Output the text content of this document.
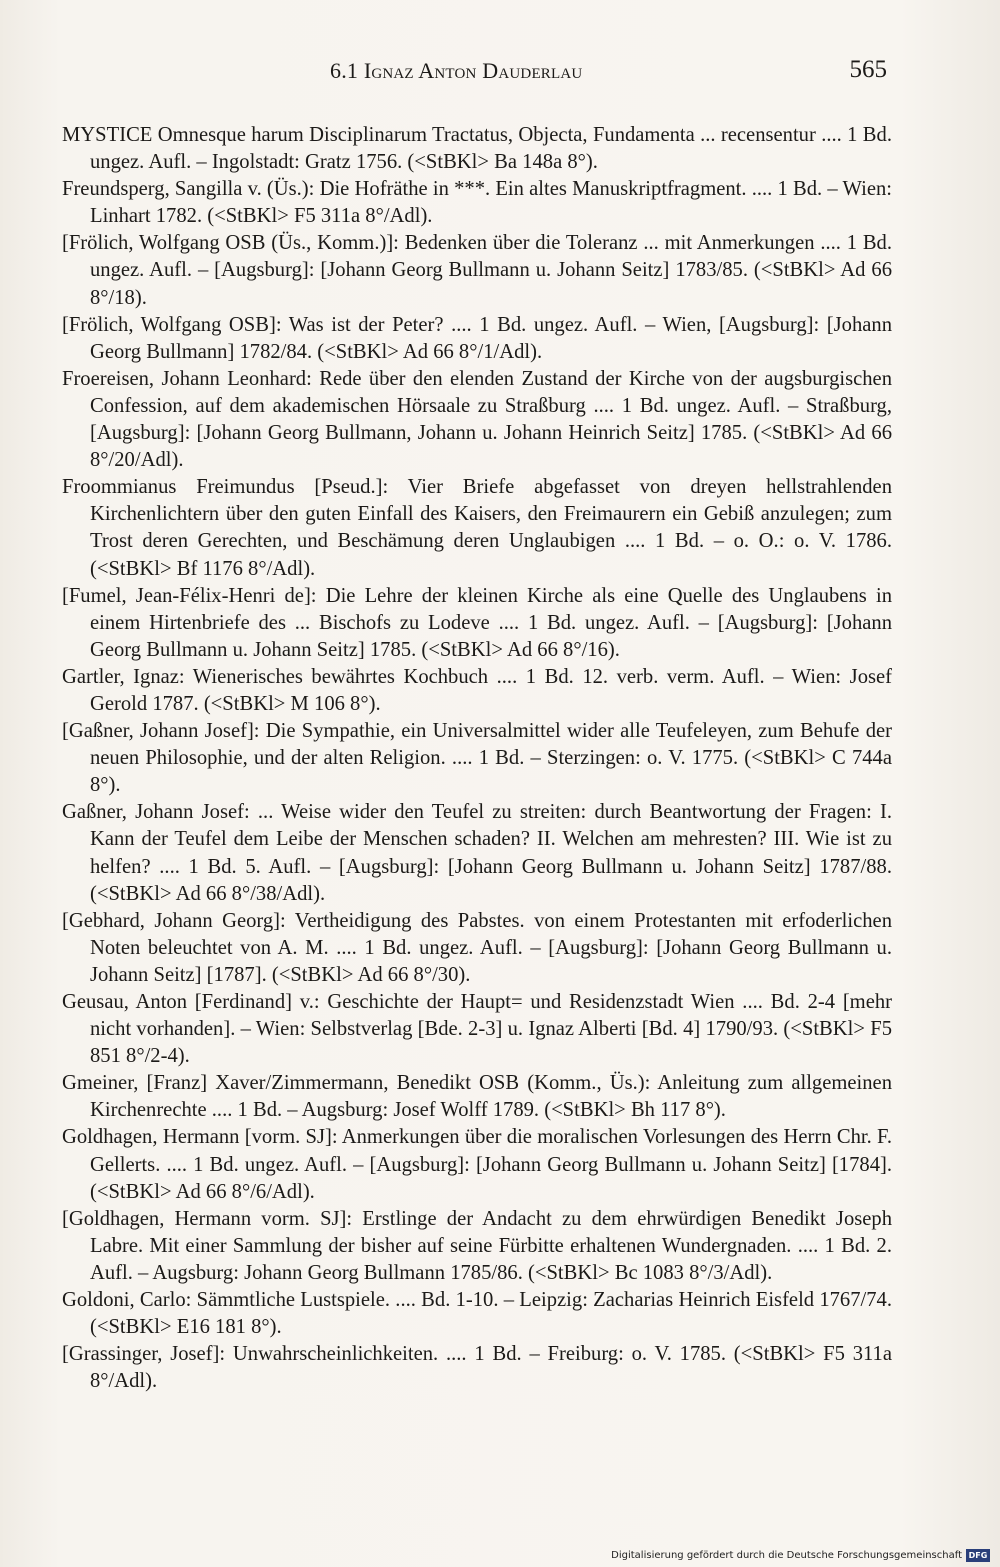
6.1 Ignaz Anton Dauderlau	565

MYSTICE Omnesque harum Disciplinarum Tractatus, Objecta, Fundamenta ... recensentur .... 1 Bd. ungez. Aufl. – Ingolstadt: Gratz 1756. (<StBKl> Ba 148a 8°).

Freundsperg, Sangilla v. (Üs.): Die Hofräthe in ***. Ein altes Manuskriptfragment. .... 1 Bd. – Wien: Linhart 1782. (<StBKl> F5 311a 8°/Adl).

[Frölich, Wolfgang OSB (Üs., Komm.)]: Bedenken über die Toleranz ... mit Anmerkungen .... 1 Bd. ungez. Aufl. – [Augsburg]: [Johann Georg Bullmann u. Johann Seitz] 1783/85. (<StBKl> Ad 66 8°/18).

[Frölich, Wolfgang OSB]: Was ist der Peter? .... 1 Bd. ungez. Aufl. – Wien, [Augsburg]: [Johann Georg Bullmann] 1782/84. (<StBKl> Ad 66 8°/1/Adl).

Froereisen, Johann Leonhard: Rede über den elenden Zustand der Kirche von der augsburgischen Confession, auf dem akademischen Hörsaale zu Straßburg .... 1 Bd. ungez. Aufl. – Straßburg, [Augsburg]: [Johann Georg Bullmann, Johann u. Johann Heinrich Seitz] 1785. (<StBKl> Ad 66 8°/20/Adl).

Froommianus Freimundus [Pseud.]: Vier Briefe abgefasset von dreyen hellstrahlenden Kirchenlichtern über den guten Einfall des Kaisers, den Freimaurern ein Gebiß anzulegen; zum Trost deren Gerechten, und Beschämung deren Unglaubigen .... 1 Bd. – o. O.: o. V. 1786. (<StBKl> Bf 1176 8°/Adl).

[Fumel, Jean-Félix-Henri de]: Die Lehre der kleinen Kirche als eine Quelle des Unglaubens in einem Hirtenbriefe des ... Bischofs zu Lodeve .... 1 Bd. ungez. Aufl. – [Augsburg]: [Johann Georg Bullmann u. Johann Seitz] 1785. (<StBKl> Ad 66 8°/16).

Gartler, Ignaz: Wienerisches bewährtes Kochbuch .... 1 Bd. 12. verb. verm. Aufl. – Wien: Josef Gerold 1787. (<StBKl> M 106 8°).

[Gaßner, Johann Josef]: Die Sympathie, ein Universalmittel wider alle Teufeleyen, zum Behufe der neuen Philosophie, und der alten Religion. .... 1 Bd. – Sterzingen: o. V. 1775. (<StBKl> C 744a 8°).

Gaßner, Johann Josef: ... Weise wider den Teufel zu streiten: durch Beantwortung der Fragen: I. Kann der Teufel dem Leibe der Menschen schaden? II. Welchen am mehresten? III. Wie ist zu helfen? .... 1 Bd. 5. Aufl. – [Augsburg]: [Johann Georg Bullmann u. Johann Seitz] 1787/88. (<StBKl> Ad 66 8°/38/Adl).

[Gebhard, Johann Georg]: Vertheidigung des Pabstes. von einem Protestanten mit erfoderlichen Noten beleuchtet von A. M. .... 1 Bd. ungez. Aufl. – [Augsburg]: [Johann Georg Bullmann u. Johann Seitz] [1787]. (<StBKl> Ad 66 8°/30).

Geusau, Anton [Ferdinand] v.: Geschichte der Haupt= und Residenzstadt Wien .... Bd. 2-4 [mehr nicht vorhanden]. – Wien: Selbstverlag [Bde. 2-3] u. Ignaz Alberti [Bd. 4] 1790/93. (<StBKl> F5 851 8°/2-4).

Gmeiner, [Franz] Xaver/Zimmermann, Benedikt OSB (Komm., Üs.): Anleitung zum allgemeinen Kirchenrechte .... 1 Bd. – Augsburg: Josef Wolff 1789. (<StBKl> Bh 117 8°).

Goldhagen, Hermann [vorm. SJ]: Anmerkungen über die moralischen Vorlesungen des Herrn Chr. F. Gellerts. .... 1 Bd. ungez. Aufl. – [Augsburg]: [Johann Georg Bullmann u. Johann Seitz] [1784]. (<StBKl> Ad 66 8°/6/Adl).

[Goldhagen, Hermann vorm. SJ]: Erstlinge der Andacht zu dem ehrwürdigen Benedikt Joseph Labre. Mit einer Sammlung der bisher auf seine Fürbitte erhaltenen Wundergnaden. .... 1 Bd. 2. Aufl. – Augsburg: Johann Georg Bullmann 1785/86. (<StBKl> Bc 1083 8°/3/Adl).

Goldoni, Carlo: Sämmtliche Lustspiele. .... Bd. 1-10. – Leipzig: Zacharias Heinrich Eisfeld 1767/74. (<StBKl> E16 181 8°).

[Grassinger, Josef]: Unwahrscheinlichkeiten. .... 1 Bd. – Freiburg: o. V. 1785. (<StBKl> F5 311a 8°/Adl).

Digitalisierung gefördert durch die Deutsche Forschungsgemeinschaft DFG
